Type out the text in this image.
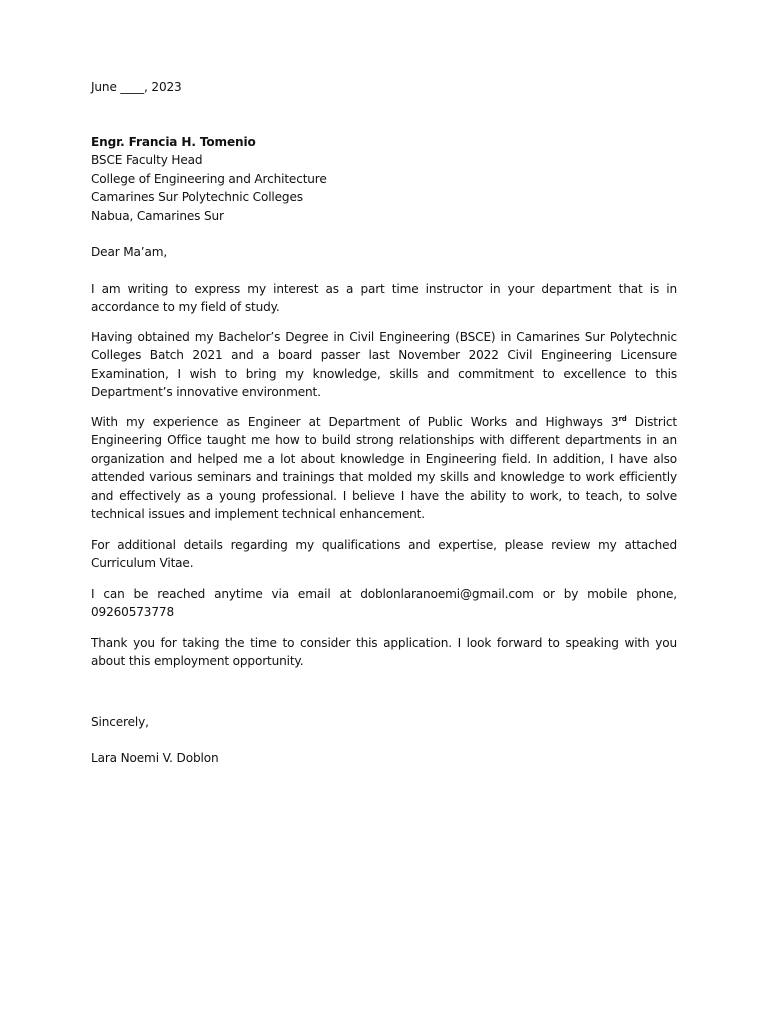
June ____, 2023
Engr. Francia H. Tomenio
BSCE Faculty Head
College of Engineering and Architecture
Camarines Sur Polytechnic Colleges
Nabua, Camarines Sur
Dear Ma’am,

I am writing to express my interest as a part time instructor in your department that is in accordance to my field of study.

Having obtained my Bachelor’s Degree in Civil Engineering (BSCE) in Camarines Sur Polytechnic Colleges Batch 2021 and a board passer last November 2022 Civil Engineering Licensure Examination, I wish to bring my knowledge, skills and commitment to excellence to this Department’s innovative environment.

With my experience as Engineer at Department of Public Works and Highways 3rd District Engineering Office taught me how to build strong relationships with different departments in an organization and helped me a lot about knowledge in Engineering field. In addition, I have also attended various seminars and trainings that molded my skills and knowledge to work efficiently and effectively as a young professional. I believe I have the ability to work, to teach, to solve technical issues and implement technical enhancement.

For additional details regarding my qualifications and expertise, please review my attached Curriculum Vitae.

I can be reached anytime via email at doblonlaranoemi@gmail.com or by mobile phone, 09260573778

Thank you for taking the time to consider this application. I look forward to speaking with you about this employment opportunity.

Sincerely,
Lara Noemi V. Doblon
